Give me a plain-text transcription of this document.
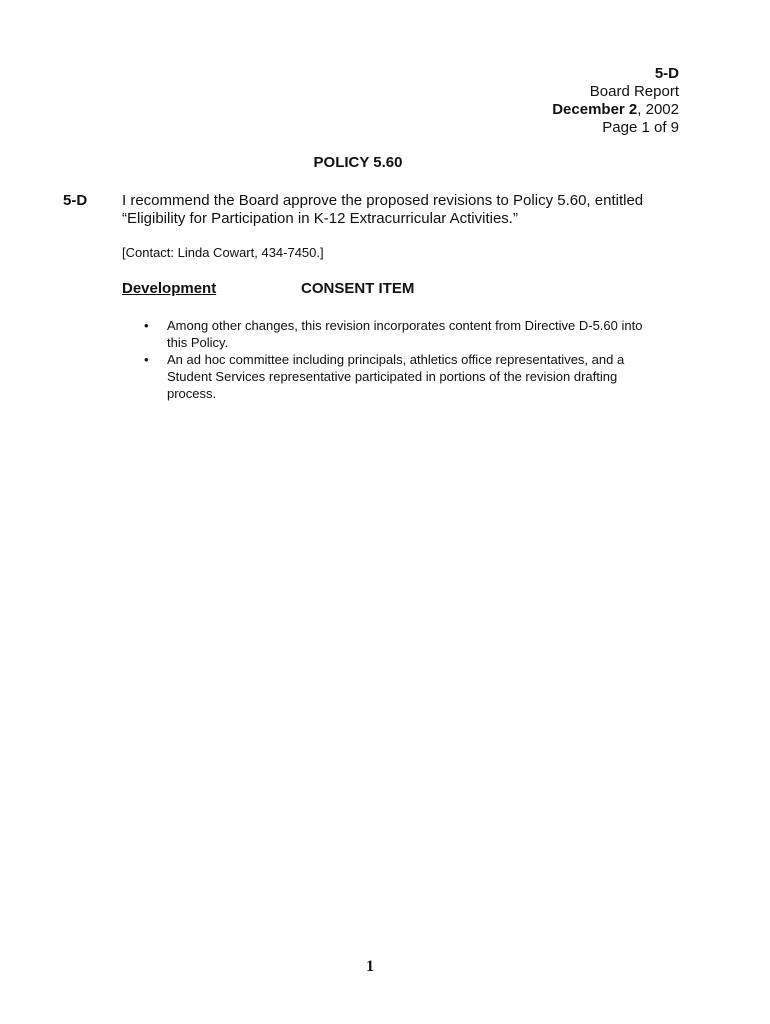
5-D
Board Report
December 2, 2002
Page 1 of 9
POLICY 5.60
5-D I recommend the Board approve the proposed revisions to Policy 5.60, entitled “Eligibility for Participation in K-12 Extracurricular Activities.”
[Contact: Linda Cowart, 434-7450.]
Development	CONSENT ITEM
• Among other changes, this revision incorporates content from Directive D-5.60 into this Policy.
• An ad hoc committee including principals, athletics office representatives, and a Student Services representative participated in portions of the revision drafting process.
1
